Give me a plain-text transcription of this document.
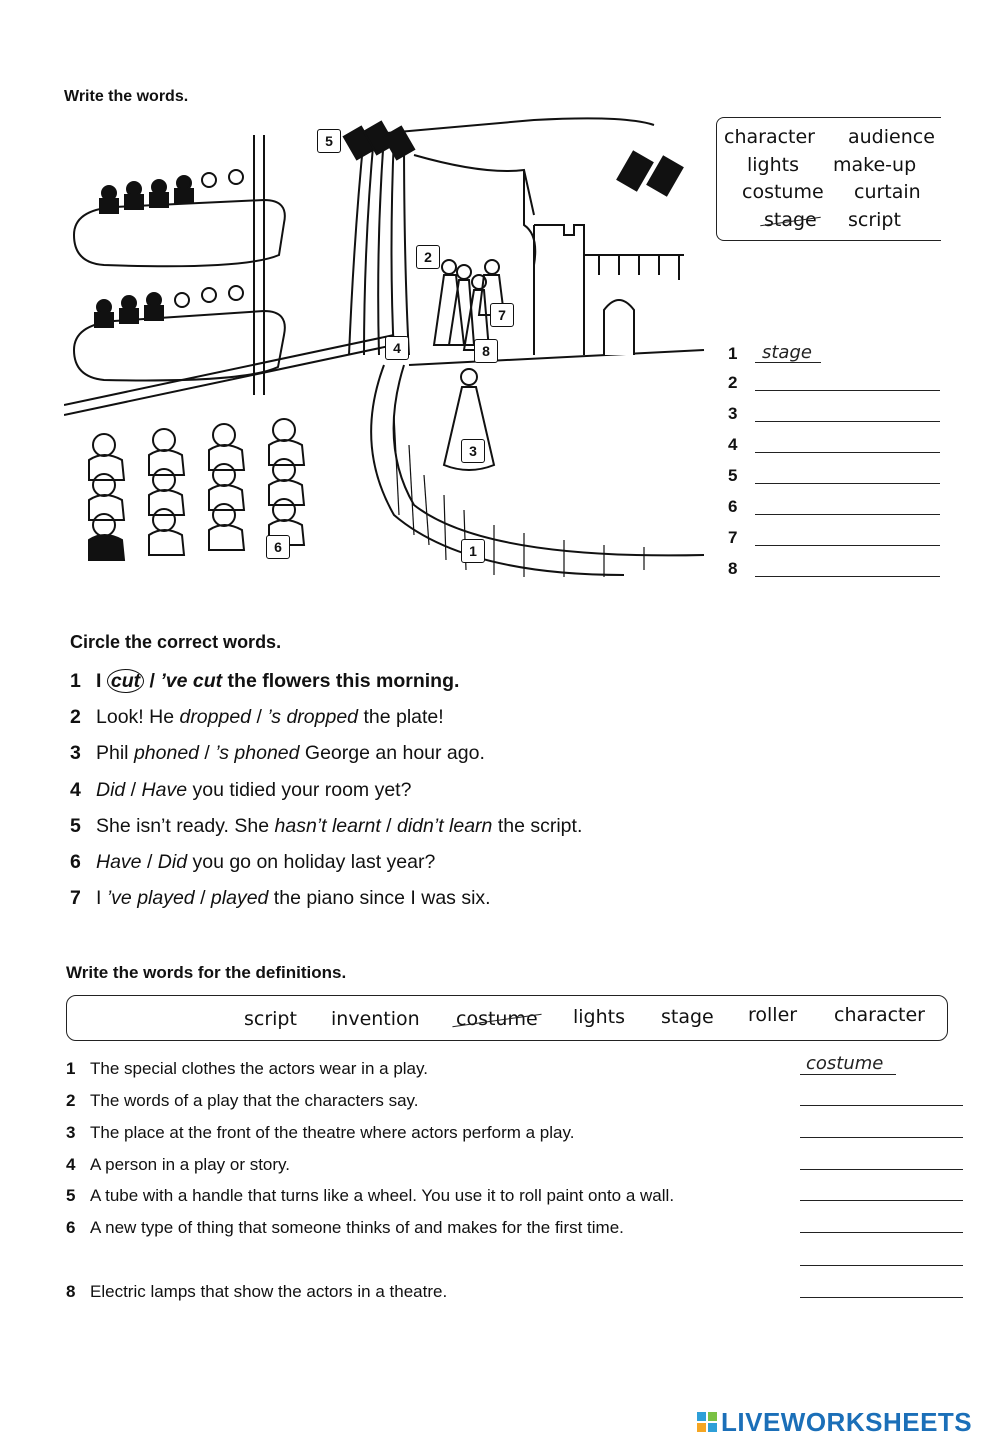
Write the words.
1
2
3
4
5
6
7
8
character audience
lights make-up
costume curtain
stage script
1 stage
2
3
4
5
6
7
8
Circle the correct words.
1 I cut / ’ve cut the flowers this morning.
2 Look! He dropped / ’s dropped the plate!
3 Phil phoned / ’s phoned George an hour ago.
4 Did / Have you tidied your room yet?
5 She isn’t ready. She hasn’t learnt / didn’t learn the script.
6 Have / Did you go on holiday last year?
7 I ’ve played / played the piano since I was six.
Write the words for the definitions.
script invention costume lights stage roller character
1 The special clothes the actors wear in a play.
2 The words of a play that the characters say.
3 The place at the front of the theatre where actors perform a play.
4 A person in a play or story.
5 A tube with a handle that turns like a wheel. You use it to roll paint onto a wall.
6 A new type of thing that someone thinks of and makes for the first time.
8 Electric lamps that show the actors in a theatre.
costume
LIVEWORKSHEETS
